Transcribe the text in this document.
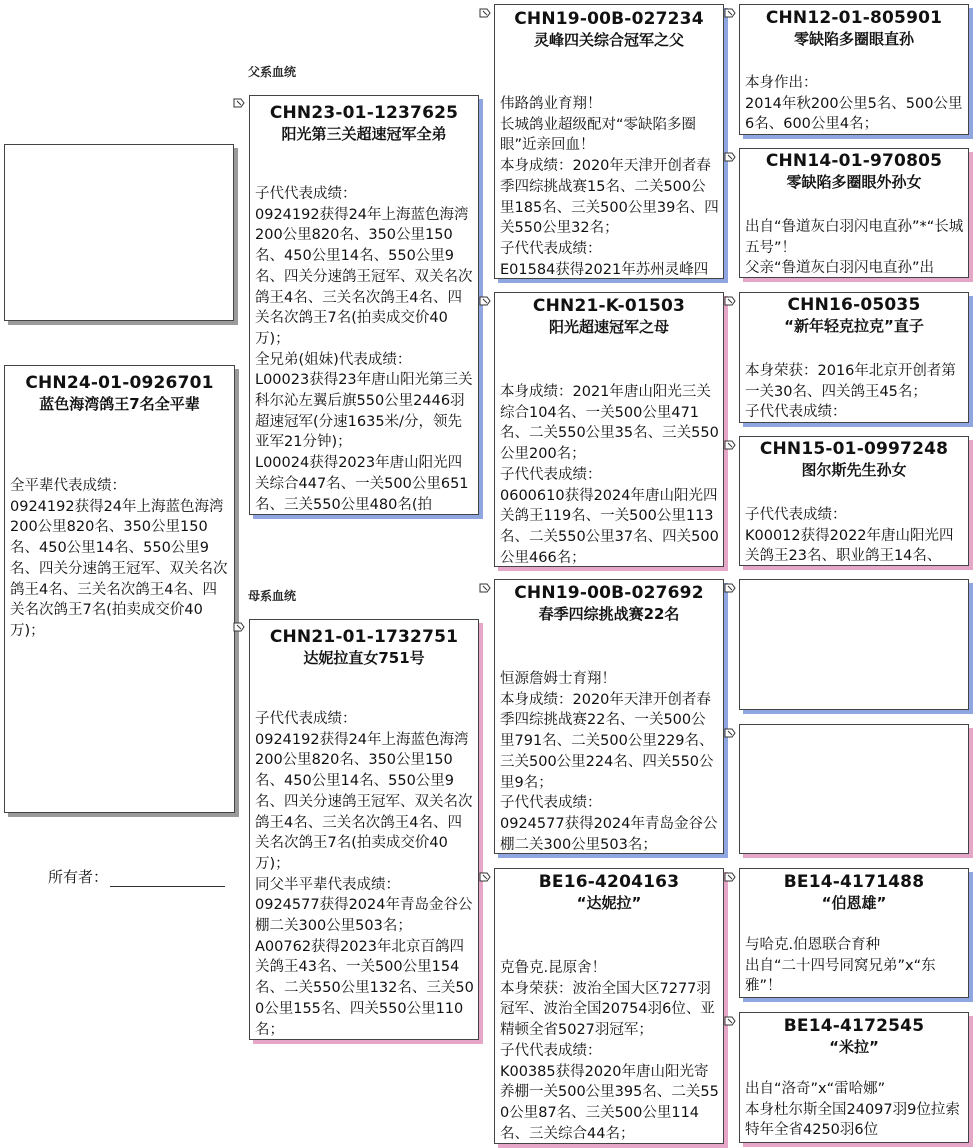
父系血统
母系血统
CHN24-01-0926701
蓝色海湾鸽王7名全平辈
全平辈代表成绩：
0924192获得24年上海蓝色海湾200公里820名、350公里150名、450公里14名、550公里9名、四关分速鸽王冠军、双关名次鸽王4名、三关名次鸽王4名、四关名次鸽王7名(拍卖成交价40万)；
所有者：
CHN23-01-1237625
阳光第三关超速冠军全弟
子代代表成绩：
0924192获得24年上海蓝色海湾200公里820名、350公里150名、450公里14名、550公里9名、四关分速鸽王冠军、双关名次鸽王4名、三关名次鸽王4名、四关名次鸽王7名(拍卖成交价40万)；
全兄弟(姐妹)代表成绩：
L00023获得23年唐山阳光第三关科尔沁左翼后旗550公里2446羽超速冠军(分速1635米/分，领先亚军21分钟)；
L00024获得2023年唐山阳光四关综合447名、一关500公里651名、三关550公里480名(拍
CHN21-01-1732751
达妮拉直女751号
子代代表成绩：
0924192获得24年上海蓝色海湾200公里820名、350公里150名、450公里14名、550公里9名、四关分速鸽王冠军、双关名次鸽王4名、三关名次鸽王4名、四关名次鸽王7名(拍卖成交价40万)；
同父半平辈代表成绩：
0924577获得2024年青岛金谷公棚二关300公里503名；
A00762获得2023年北京百鸽四关鸽王43名、一关500公里154名、二关550公里132名、三关500公里155名、四关550公里110名；
CHN19-00B-027234
灵峰四关综合冠军之父
伟路鸽业育翔！
长城鸽业超级配对“零缺陷多圈眼”近亲回血！
本身成绩：2020年天津开创者春季四综挑战赛15名、二关500公里185名、三关500公里39名、四关550公里32名；
子代代表成绩：
E01584获得2021年苏州灵峰四
CHN21-K-01503
阳光超速冠军之母
本身成绩：2021年唐山阳光三关综合104名、一关500公里471名、二关550公里35名、三关550公里200名；
子代代表成绩：
0600610获得2024年唐山阳光四关鸽王119名、一关500公里113名、二关550公里37名、四关500公里466名；
CHN19-00B-027692
春季四综挑战赛22名
恒源詹姆士育翔！
本身成绩：2020年天津开创者春季四综挑战赛22名、一关500公里791名、二关500公里229名、三关500公里224名、四关550公里9名；
子代代表成绩：
0924577获得2024年青岛金谷公棚二关300公里503名；
BE16-4204163
“达妮拉”
克鲁克.昆原舍！
本身荣获：波治全国大区7277羽冠军、波治全国20754羽6位、亚精顿全省5027羽冠军；
子代代表成绩：
K00385获得2020年唐山阳光寄养棚一关500公里395名、二关550公里87名、三关500公里114名、三关综合44名；
CHN12-01-805901
零缺陷多圈眼直孙
本身作出：
2014年秋200公里5名、500公里6名、600公里4名；
CHN14-01-970805
零缺陷多圈眼外孙女
出自“鲁道灰白羽闪电直孙”*“长城五号”！
父亲“鲁道灰白羽闪电直孙”出
CHN16-05035
“新年轻克拉克”直子
本身荣获：2016年北京开创者第一关30名、四关鸽王45名；
子代代表成绩：
CHN15-01-0997248
图尔斯先生孙女
子代代表成绩：
K00012获得2022年唐山阳光四关鸽王23名、职业鸽王14名、
BE14-4171488
“伯恩雄”
与哈克.伯恩联合育种
出自“二十四号同窝兄弟”x“东雅”！
BE14-4172545
“米拉”
出自“洛奇”x“雷哈娜”
本身杜尔斯全国24097羽9位拉索特年全省4250羽6位
